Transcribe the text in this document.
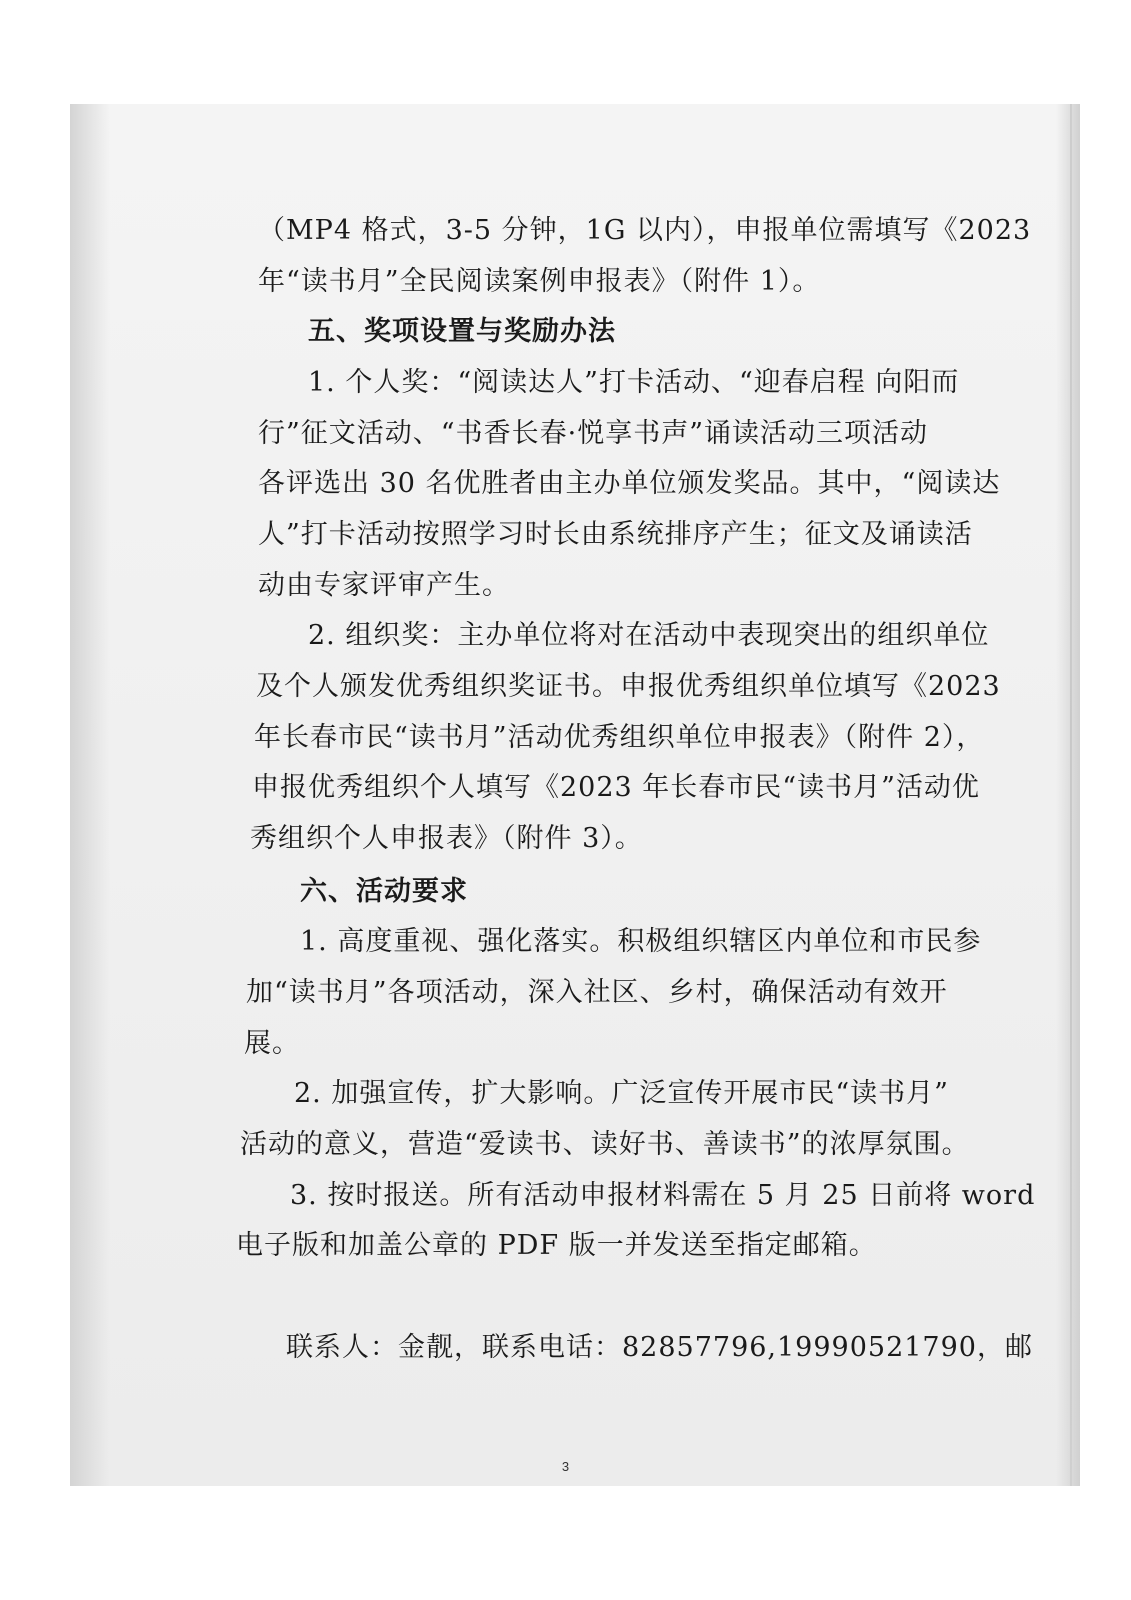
（MP4 格式，3-5 分钟，1G 以内），申报单位需填写《2023
年“读书月”全民阅读案例申报表》（附件 1）。
五、奖项设置与奖励办法
1. 个人奖：“阅读达人”打卡活动、“迎春启程 向阳而
行”征文活动、“书香长春·悦享书声”诵读活动三项活动
各评选出 30 名优胜者由主办单位颁发奖品。其中，“阅读达
人”打卡活动按照学习时长由系统排序产生；征文及诵读活
动由专家评审产生。
2. 组织奖：主办单位将对在活动中表现突出的组织单位
及个人颁发优秀组织奖证书。申报优秀组织单位填写《2023
年长春市民“读书月”活动优秀组织单位申报表》（附件 2），
申报优秀组织个人填写《2023 年长春市民“读书月”活动优
秀组织个人申报表》（附件 3）。
六、活动要求
1. 高度重视、强化落实。积极组织辖区内单位和市民参
加“读书月”各项活动，深入社区、乡村，确保活动有效开
展。
2. 加强宣传，扩大影响。广泛宣传开展市民“读书月”
活动的意义，营造“爱读书、读好书、善读书”的浓厚氛围。
3. 按时报送。所有活动申报材料需在 5 月 25 日前将 word
电子版和加盖公章的 PDF 版一并发送至指定邮箱。
联系人：金靓，联系电话：82857796,19990521790，邮
3
